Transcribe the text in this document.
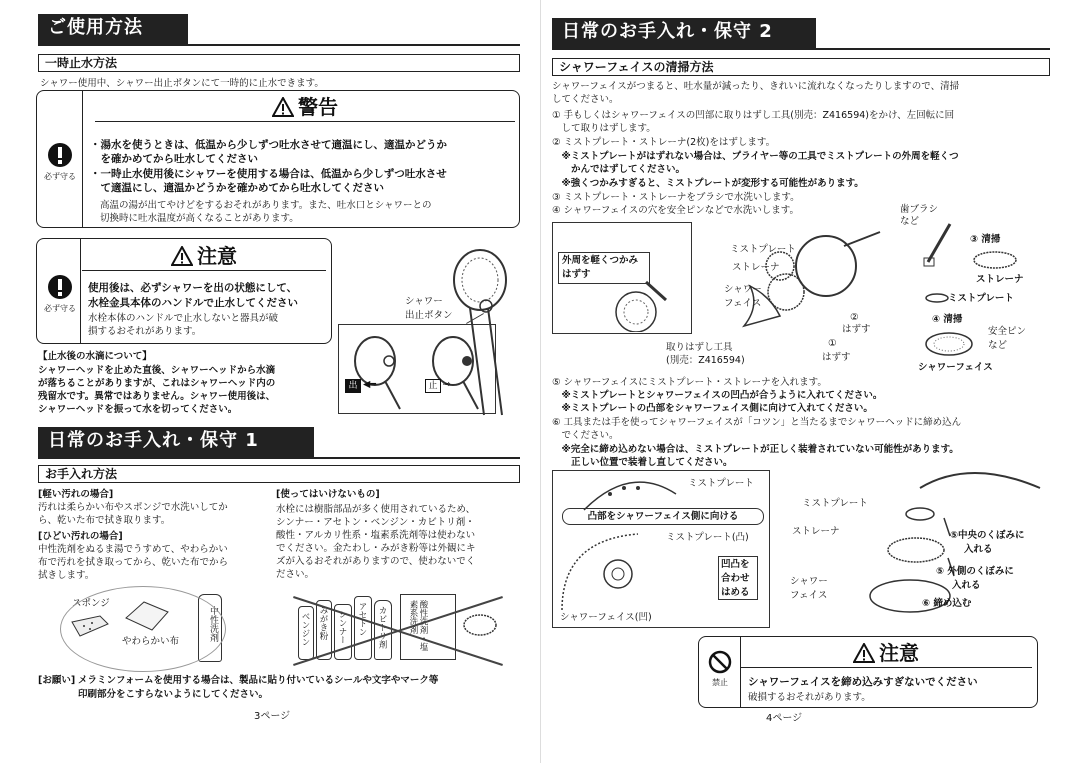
ご使用方法
一時止水方法
シャワー使用中、シャワー出止ボタンにて一時的に止水できます。
警告
必ず守る
・湯水を使うときは、低温から少しずつ吐水させて適温にし、適温かどうか
　を確かめてから吐水してください
・一時止水使用後にシャワーを使用する場合は、低温から少しずつ吐水させ
　て適温にし、適温かどうかを確かめてから吐水してください
高温の湯が出てやけどをするおそれがあります。また、吐水口とシャワーとの
切換時に吐水温度が高くなることがあります。
注意
必ず守る
使用後は、必ずシャワーを出の状態にして、
水栓金具本体のハンドルで止水してください
水栓本体のハンドルで止水しないと器具が破
損するおそれがあります。
シャワー
出止ボタン
出 ◀━	止 ⇨
【止水後の水滴について】
シャワーヘッドを止めた直後、シャワーヘッドから水滴
が落ちることがありますが、これはシャワーヘッド内の
残留水です。異常ではありません。シャワー使用後は、
シャワーヘッドを振って水を切ってください。
日常のお手入れ・保守 1
お手入れ方法
[軽い汚れの場合]
汚れは柔らかい布やスポンジで水洗いしてか
ら、乾いた布で拭き取ります。
[ひどい汚れの場合]
中性洗剤をぬるま湯でうすめて、やわらかい
布で汚れを拭き取ってから、乾いた布でから
拭きします。
[使ってはいけないもの]
水栓には樹脂部品が多く使用されているため、
シンナー・アセトン・ベンジン・カビトリ剤・
酸性・アルカリ性系・塩素系洗剤等は使わない
でください。金たわし・みがき粉等は外観にキ
ズが入るおそれがありますので、使わないでく
ださい。
スポンジ
やわらかい布	中性洗剤	ベンジン みがき粉 シンナー アセトン カビトリ剤	酸性洗剤・塩素系洗剤
[お願い] メラミンフォームを使用する場合は、製品に貼り付いているシールや文字やマーク等
印刷部分をこすらないようにしてください。
3ページ
日常のお手入れ・保守 2
シャワーフェイスの清掃方法
シャワーフェイスがつまると、吐水量が減ったり、きれいに流れなくなったりしますので、清掃
してください。
① 手もしくはシャワーフェイスの凹部に取りはずし工具(別売：Z416594)をかけ、左回転に回
　して取りはずします。
② ミストプレート・ストレーナ(2枚)をはずします。
　※ミストプレートがはずれない場合は、プライヤー等の工具でミストプレートの外周を軽くつ
　　かんではずしてください。
　※強くつかみすぎると、ミストプレートが変形する可能性があります。
③ ミストプレート・ストレーナをブラシで水洗いします。
④ シャワーフェイスの穴を安全ピンなどで水洗いします。
外周を軽くつかみ
はずす
ミストプレート
ストレーナ
シャワー
フェイス
取りはずし工具
(別売：Z416594)
②
はずす
①
はずす
歯ブラシ
など
③ 清掃
ストレーナ
ミストプレート
④ 清掃
安全ピン
など
シャワーフェイス
⑤ シャワーフェイスにミストプレート・ストレーナを入れます。
　※ミストプレートとシャワーフェイスの凹凸が合うように入れてください。
　※ミストプレートの凸部をシャワーフェイス側に向けて入れてください。
⑥ 工具または手を使ってシャワーフェイスが「コツン」と当たるまでシャワーヘッドに締め込ん
　でください。
　※完全に締め込めない場合は、ミストプレートが正しく装着されていない可能性があります。
　　正しい位置で装着し直してください。
ミストプレート
凸部をシャワーフェイス側に向ける
ミストプレート(凸)
凹凸を
合わせ
はめる
シャワーフェイス(凹)
ミストプレート
ストレーナ	⑤中央のくぼみに
入れる
⑤ 外側のくぼみに
入れる
シャワー
フェイス
⑥ 締め込む
注意
禁止	シャワーフェイスを締め込みすぎないでください
破損するおそれがあります。
4ページ
